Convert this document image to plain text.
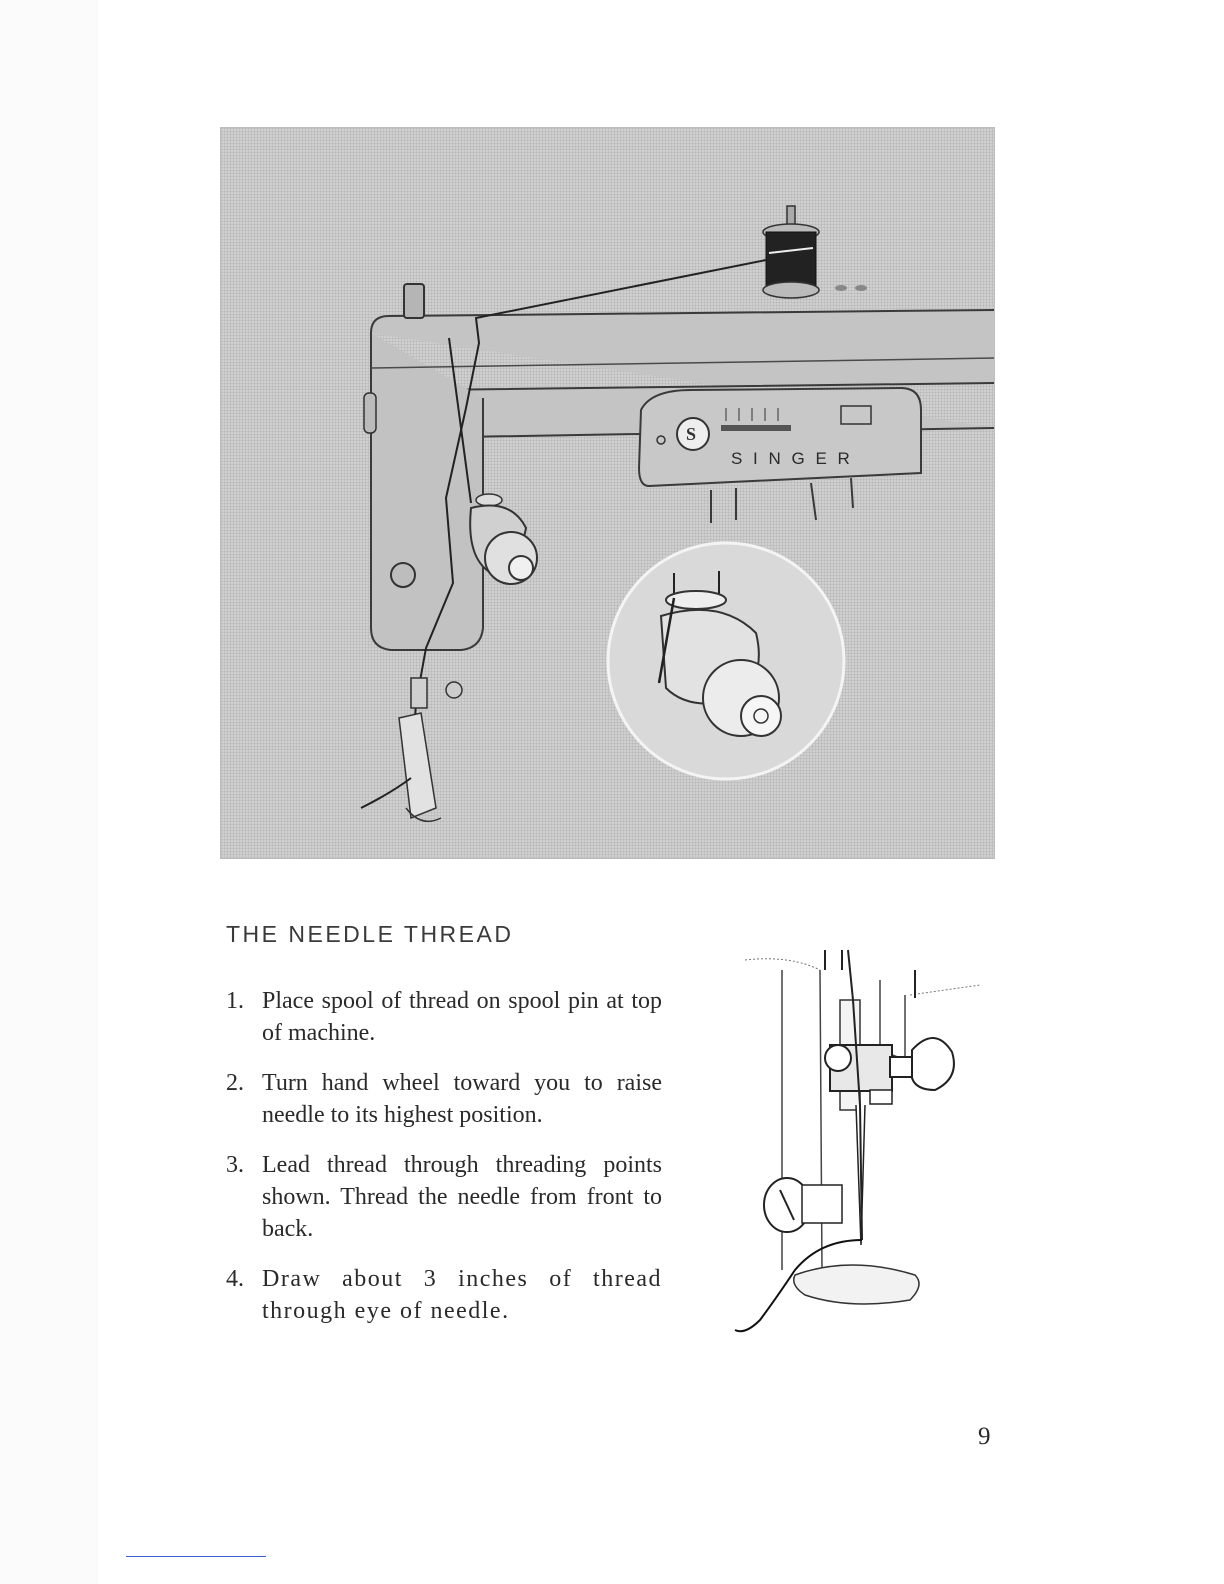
S
S I N G E R
THE NEEDLE THREAD
1. Place spool of thread on spool pin at top of machine.
2. Turn hand wheel toward you to raise needle to its highest position.
3. Lead thread through threading points shown. Thread the needle from front to back.
4. Draw about 3 inches of thread through eye of needle.
9
